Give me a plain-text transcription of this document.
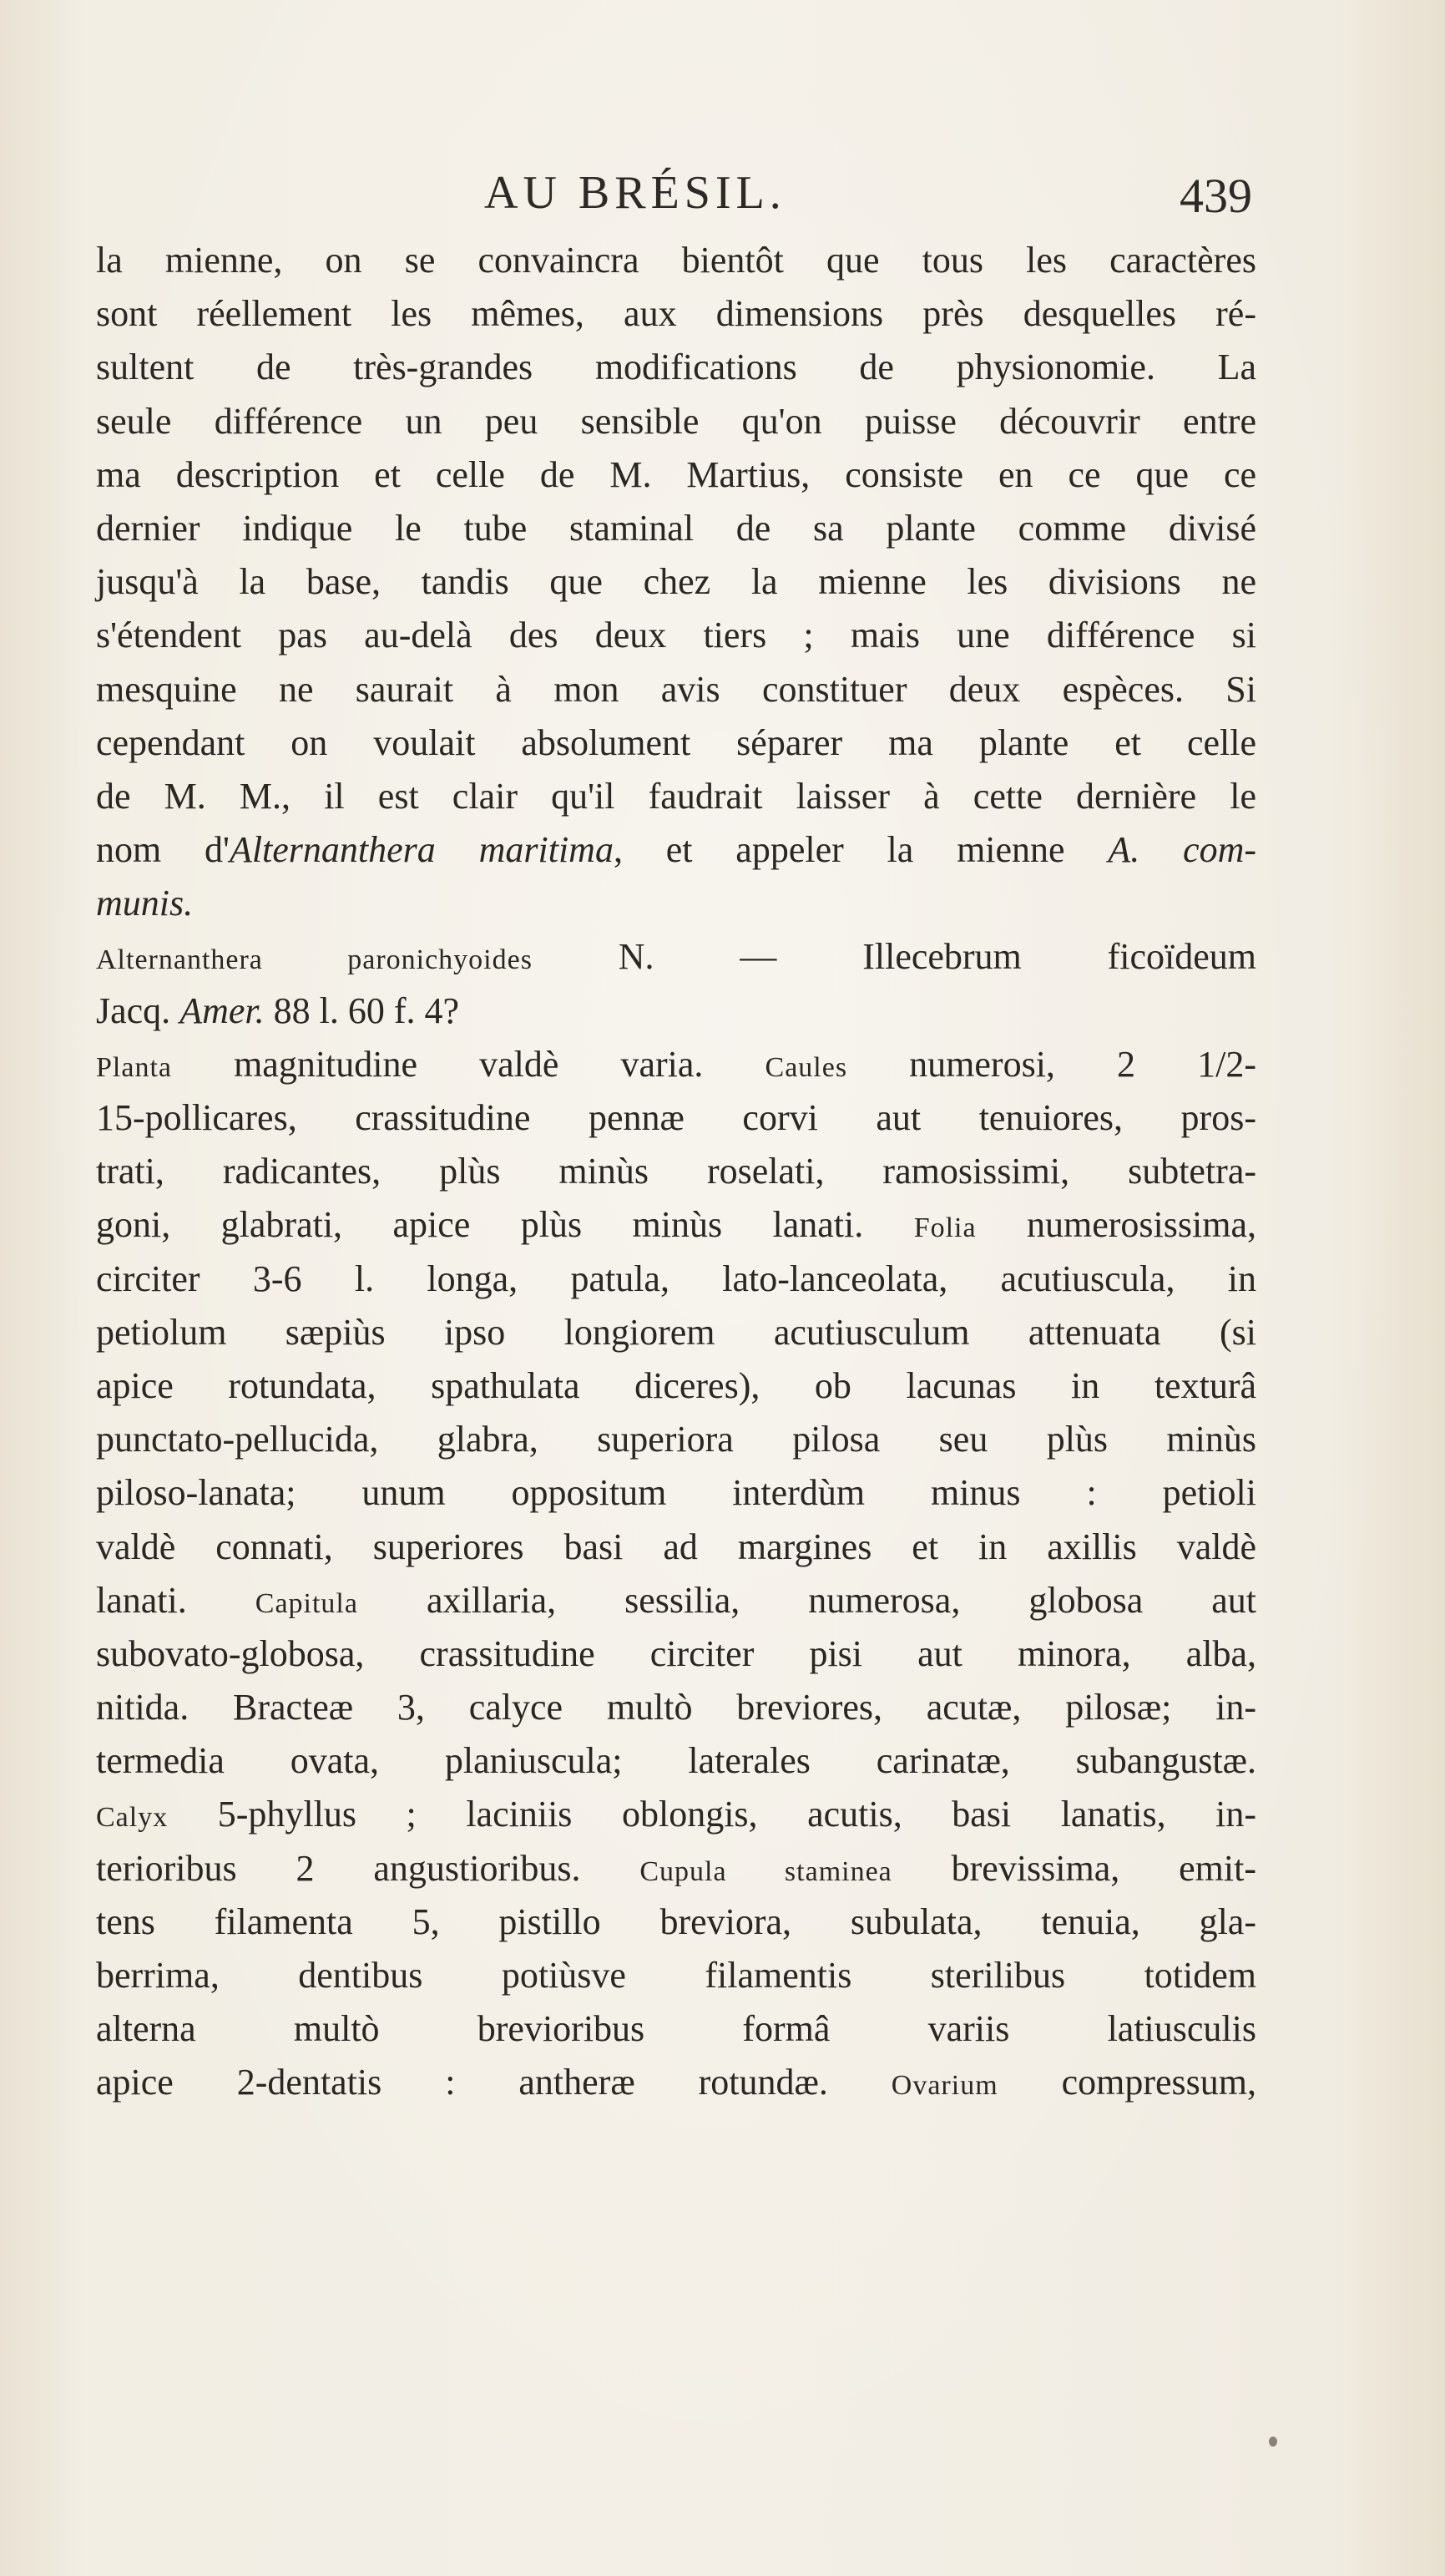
AU BRÉSIL.	439
la mienne, on se convaincra bientôt que tous les caractères
sont réellement les mêmes, aux dimensions près desquelles ré-
sultent de très-grandes modifications de physionomie. La
seule différence un peu sensible qu'on puisse découvrir entre
ma description et celle de M. Martius, consiste en ce que ce
dernier indique le tube staminal de sa plante comme divisé
jusqu'à la base, tandis que chez la mienne les divisions ne
s'étendent pas au-delà des deux tiers ; mais une différence si
mesquine ne saurait à mon avis constituer deux espèces. Si
cependant on voulait absolument séparer ma plante et celle
de M. M., il est clair qu'il faudrait laisser à cette dernière le
nom d'Alternanthera maritima, et appeler la mienne A. com-
munis.
Alternanthera paronichyoides N. — Illecebrum ficoïdeum
Jacq. Amer. 88 l. 60 f. 4?
Planta magnitudine valdè varia. Caules numerosi, 2 1/2-
15-pollicares, crassitudine pennæ corvi aut tenuiores, pros-
trati, radicantes, plùs minùs roselati, ramosissimi, subtetra-
goni, glabrati, apice plùs minùs lanati. Folia numerosissima,
circiter 3-6 l. longa, patula, lato-lanceolata, acutiuscula, in
petiolum sæpiùs ipso longiorem acutiusculum attenuata (si
apice rotundata, spathulata diceres), ob lacunas in texturâ
punctato-pellucida, glabra, superiora pilosa seu plùs minùs
piloso-lanata; unum oppositum interdùm minus : petioli
valdè connati, superiores basi ad margines et in axillis valdè
lanati. Capitula axillaria, sessilia, numerosa, globosa aut
subovato-globosa, crassitudine circiter pisi aut minora, alba,
nitida. Bracteæ 3, calyce multò breviores, acutæ, pilosæ; in-
termedia ovata, planiuscula; laterales carinatæ, subangustæ.
Calyx 5-phyllus ; laciniis oblongis, acutis, basi lanatis, in-
terioribus 2 angustioribus. Cupula staminea brevissima, emit-
tens filamenta 5, pistillo breviora, subulata, tenuia, gla-
berrima, dentibus potiùsve filamentis sterilibus totidem
alterna multò brevioribus formâ variis latiusculis
apice 2-dentatis : antheræ rotundæ. Ovarium compressum,
